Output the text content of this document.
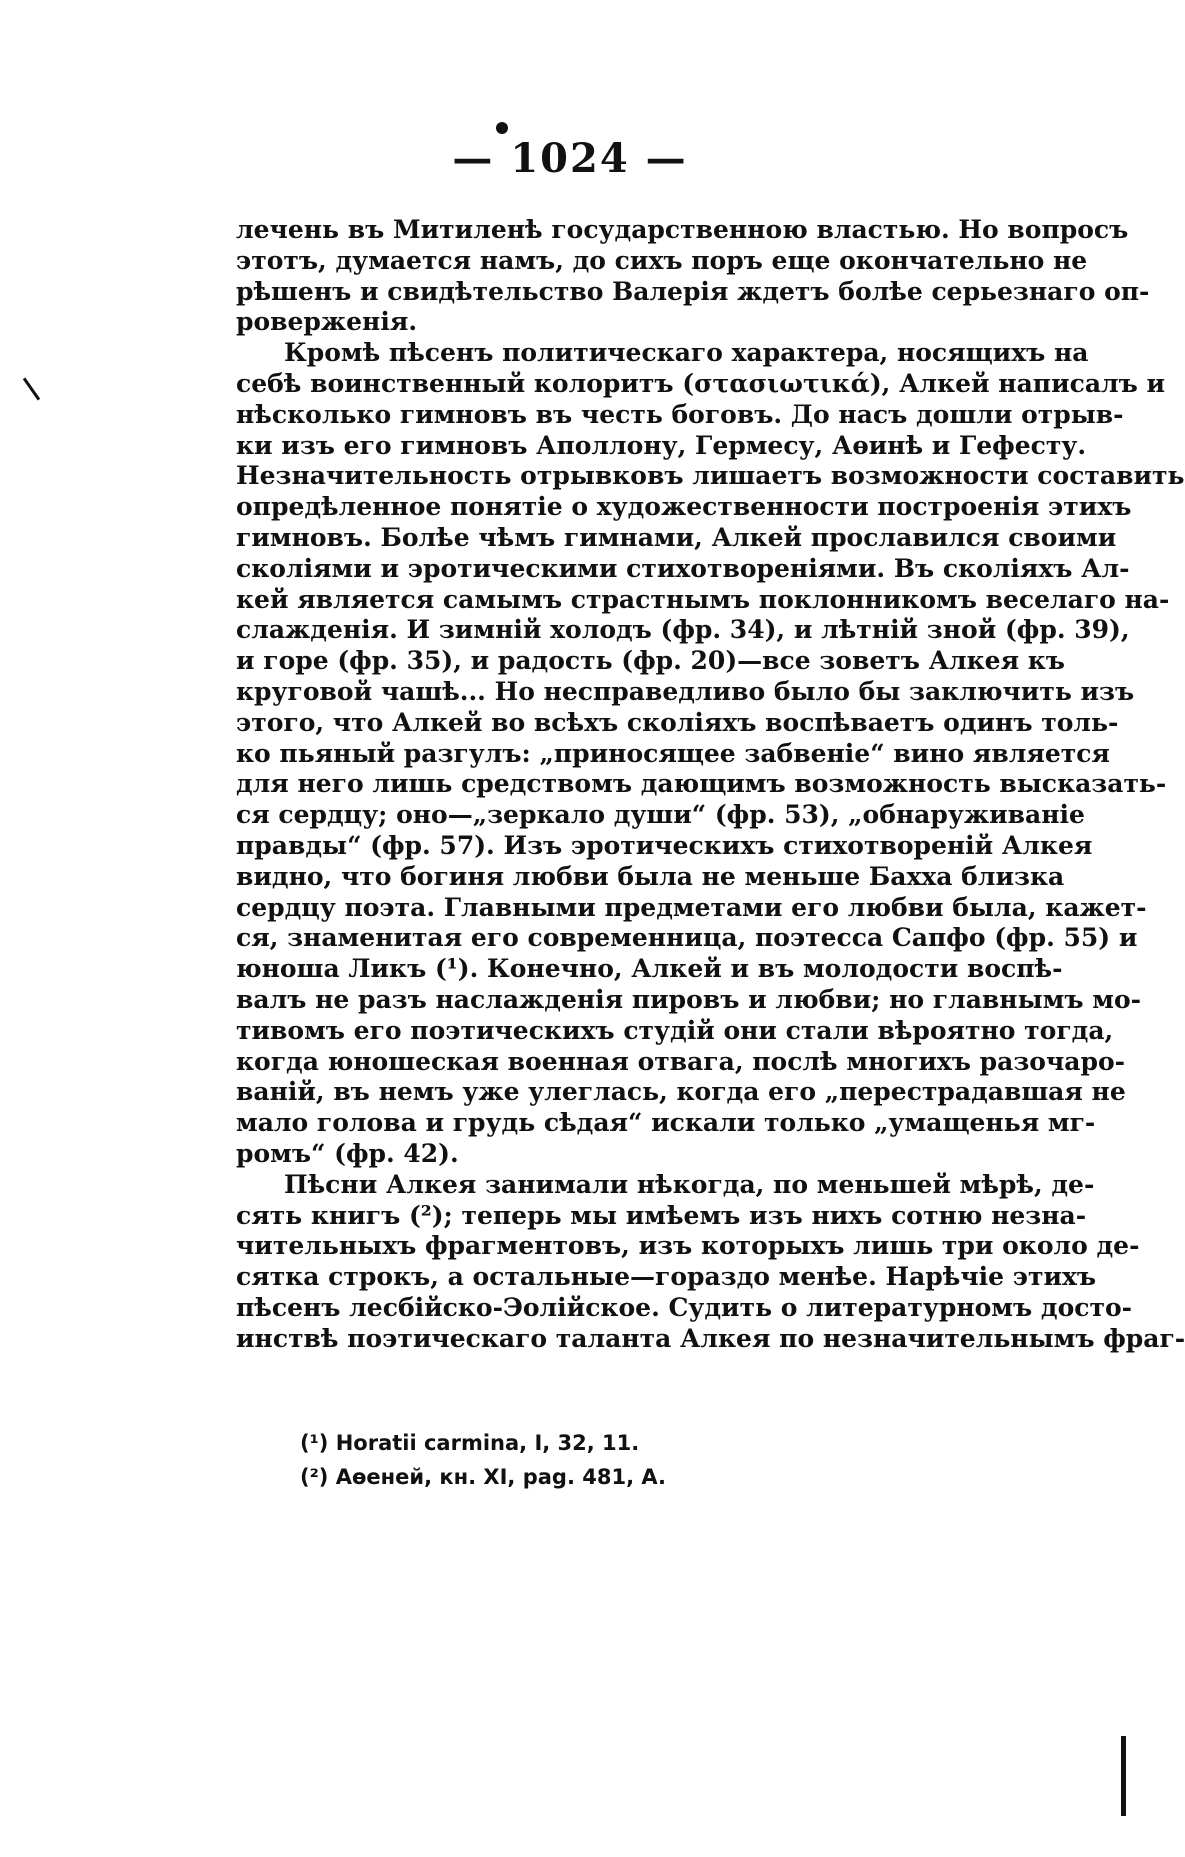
— 1024 —
лечень въ Митиленѣ государственною властью. Но вопросъ
этотъ, думается намъ, до сихъ поръ еще окончательно не
рѣшенъ и свидѣтельство Валерія ждетъ болѣе серьезнаго оп-
роверженія.
Кромѣ пѣсенъ политическаго характера, носящихъ на
себѣ воинственный колоритъ (στασιωτικά), Алкей написалъ и
нѣсколько гимновъ въ честь боговъ. До насъ дошли отрыв-
ки изъ его гимновъ Аполлону, Гермесу, Аѳинѣ и Гефесту.
Незначительность отрывковъ лишаетъ возможности составить
опредѣленное понятіе о художественности построенія этихъ
гимновъ. Болѣе чѣмъ гимнами, Алкей прославился своими
сколіями и эротическими стихотвореніями. Въ сколіяхъ Ал-
кей является самымъ страстнымъ поклонникомъ веселаго на-
слажденія. И зимній холодъ (фр. 34), и лѣтній зной (фр. 39),
и горе (фр. 35), и радость (фр. 20)—все зоветъ Алкея къ
круговой чашѣ... Но несправедливо было бы заключить изъ
этого, что Алкей во всѣхъ сколіяхъ воспѣваетъ одинъ толь-
ко пьяный разгулъ: „приносящее забвеніе“ вино является
для него лишь средствомъ дающимъ возможность высказать-
ся сердцу; оно—„зеркало души“ (фр. 53), „обнаруживаніе
правды“ (фр. 57). Изъ эротическихъ стихотвореній Алкея
видно, что богиня любви была не меньше Бахха близка
сердцу поэта. Главными предметами его любви была, кажет-
ся, знаменитая его современница, поэтесса Сапфо (фр. 55) и
юноша Ликъ (¹). Конечно, Алкей и въ молодости воспѣ-
валъ не разъ наслажденія пировъ и любви; но главнымъ мо-
тивомъ его поэтическихъ студій они стали вѣроятно тогда,
когда юношеская военная отвага, послѣ многихъ разочаро-
ваній, въ немъ уже улеглась, когда его „перестрадавшая не
мало голова и грудь сѣдая“ искали только „умащенья мг-
ромъ“ (фр. 42).
Пѣсни Алкея занимали нѣкогда, по меньшей мѣрѣ, де-
сять книгъ (²); теперь мы имѣемъ изъ нихъ сотню незна-
чительныхъ фрагментовъ, изъ которыхъ лишь три около де-
сятка строкъ, а остальные—гораздо менѣе. Нарѣчіе этихъ
пѣсенъ лесбійско-Эолійское. Судить о литературномъ досто-
инствѣ поэтическаго таланта Алкея по незначительнымъ фраг-
(¹) Horatii carmina, I, 32, 11.
(²) Аѳеней, кн. XI, pag. 481, A.
